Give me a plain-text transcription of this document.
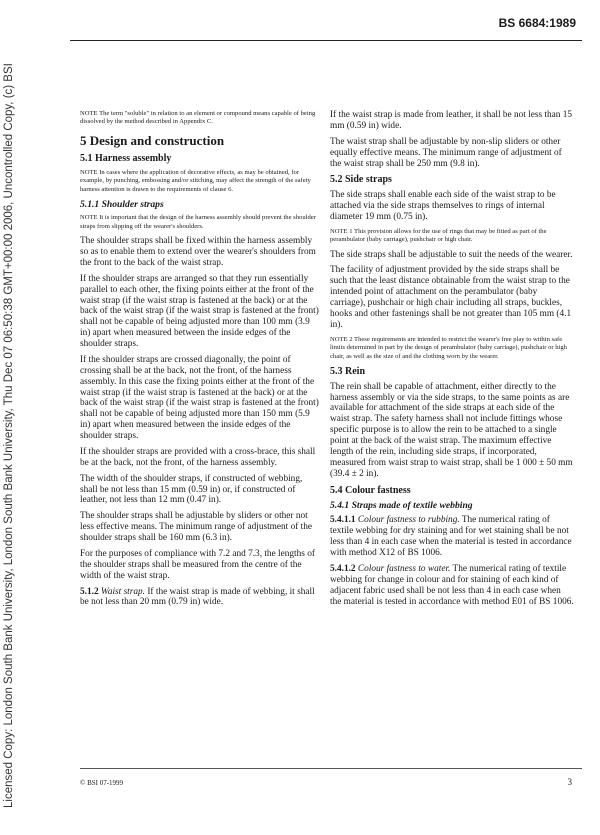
BS 6684:1989
Licensed Copy: London South Bank University, London South Bank University, Thu Dec 07 06:50:38 GMT+00:00 2006, Uncontrolled Copy, (c) BSI	NOTE The term "soluble" in relation to an element or compound means capable of being dissolved by the method described in Appendix C.

5 Design and construction
5.1 Harness assembly

NOTE In cases where the application of decorative effects, as may be obtained, for example, by punching, embossing and/or stitching, may affect the strength of the safety harness attention is drawn to the requirements of clause 6.

5.1.1 Shoulder straps

NOTE It is important that the design of the harness assembly should prevent the shoulder straps from slipping off the wearer's shoulders.

The shoulder straps shall be fixed within the harness assembly so as to enable them to extend over the wearer's shoulders from the front to the back of the waist strap.

If the shoulder straps are arranged so that they run essentially parallel to each other, the fixing points either at the front of the waist strap (if the waist strap is fastened at the back) or at the back of the waist strap (if the waist strap is fastened at the front) shall not be capable of being adjusted more than 100 mm (3.9 in) apart when measured between the inside edges of the shoulder straps.

If the shoulder straps are crossed diagonally, the point of crossing shall be at the back, not the front, of the harness assembly. In this case the fixing points either at the front of the waist strap (if the waist strap is fastened at the back) or at the back of the waist strap (if the waist strap is fastened at the front) shall not be capable of being adjusted more than 150 mm (5.9 in) apart when measured between the inside edges of the shoulder straps.

If the shoulder straps are provided with a cross-brace, this shall be at the back, not the front, of the harness assembly.

The width of the shoulder straps, if constructed of webbing, shall be not less than 15 mm (0.59 in) or, if constructed of leather, not less than 12 mm (0.47 in).

The shoulder straps shall be adjustable by sliders or other not less effective means. The minimum range of adjustment of the shoulder straps shall be 160 mm (6.3 in).

For the purposes of compliance with 7.2 and 7.3, the lengths of the shoulder straps shall be measured from the centre of the width of the waist strap.

5.1.2 Waist strap. If the waist strap is made of webbing, it shall be not less than 20 mm (0.79 in) wide.

If the waist strap is made from leather, it shall be not less than 15 mm (0.59 in) wide.

The waist strap shall be adjustable by non-slip sliders or other equally effective means. The minimum range of adjustment of the waist strap shall be 250 mm (9.8 in).

5.2 Side straps

The side straps shall enable each side of the waist strap to be attached via the side straps themselves to rings of internal diameter 19 mm (0.75 in).

NOTE 1 This provision allows for the use of rings that may be fitted as part of the perambulator (baby carriage), pushchair or high chair.

The side straps shall be adjustable to suit the needs of the wearer.

The facility of adjustment provided by the side straps shall be such that the least distance obtainable from the waist strap to the intended point of attachment on the perambulator (baby carriage), pushchair or high chair including all straps, buckles, hooks and other fastenings shall be not greater than 105 mm (4.1 in).

NOTE 2 These requirements are intended to restrict the wearer's free play to within safe limits determined in part by the design of perambulator (baby carriage), pushchair or high chair, as well as the size of and the clothing worn by the wearer.

5.3 Rein

The rein shall be capable of attachment, either directly to the harness assembly or via the side straps, to the same points as are available for attachment of the side straps at each side of the waist strap. The safety harness shall not include fittings whose specific purpose is to allow the rein to be attached to a single point at the back of the waist strap. The maximum effective length of the rein, including side straps, if incorporated, measured from waist strap to waist strap, shall be 1 000 ± 50 mm (39.4 ± 2 in).

5.4 Colour fastness
5.4.1 Straps made of textile webbing

5.4.1.1 Colour fastness to rubbing. The numerical rating of textile webbing for dry staining and for wet staining shall be not less than 4 in each case when the material is tested in accordance with method X12 of BS 1006.

5.4.1.2 Colour fastness to water. The numerical rating of textile webbing for change in colour and for staining of each kind of adjacent fabric used shall be not less than 4 in each case when the material is tested in accordance with method E01 of BS 1006.

© BSI 07-1999	3
